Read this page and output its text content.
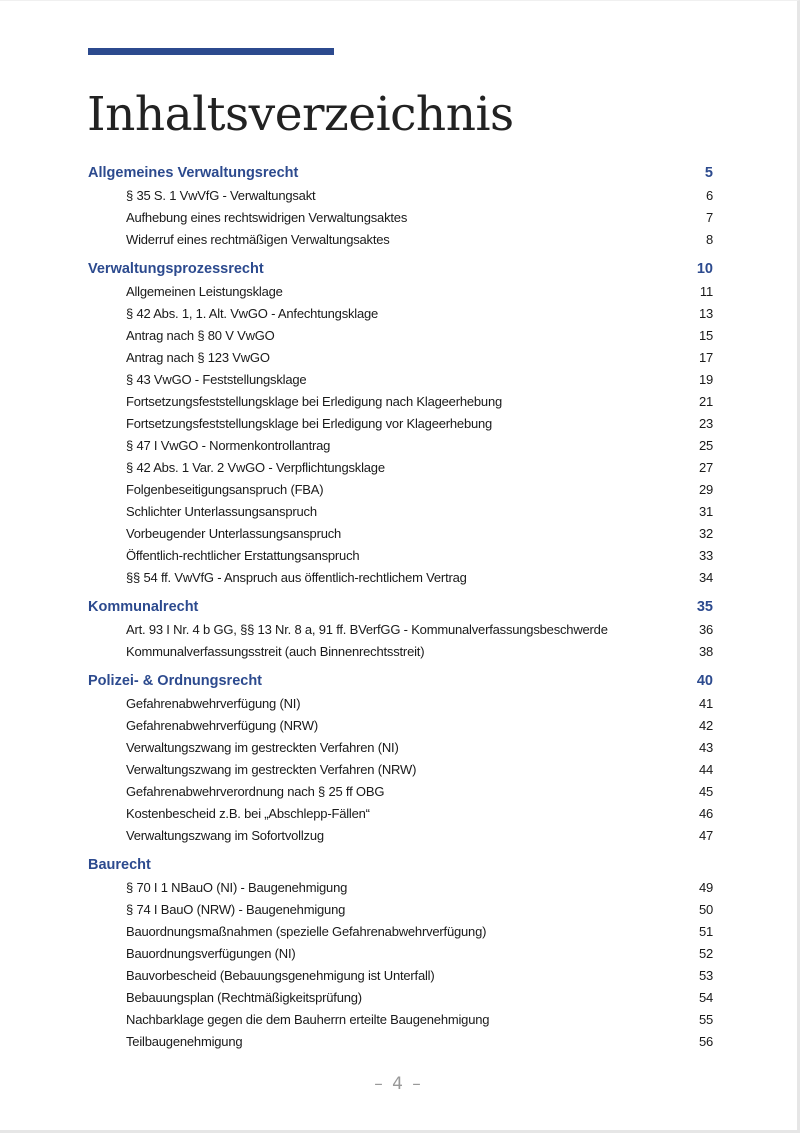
Inhaltsverzeichnis
Allgemeines Verwaltungsrecht	5
§ 35 S. 1 VwVfG - Verwaltungsakt	6
Aufhebung eines rechtswidrigen Verwaltungsaktes	7
Widerruf eines rechtmäßigen Verwaltungsaktes	8
Verwaltungsprozessrecht	10
Allgemeinen Leistungsklage	11
§ 42 Abs. 1, 1. Alt. VwGO - Anfechtungsklage	13
Antrag nach § 80 V VwGO	15
Antrag nach § 123 VwGO	17
§ 43 VwGO - Feststellungsklage	19
Fortsetzungsfeststellungsklage bei Erledigung nach Klageerhebung	21
Fortsetzungsfeststellungsklage bei Erledigung vor Klageerhebung	23
§ 47 I VwGO - Normenkontrollantrag	25
§ 42 Abs. 1 Var. 2 VwGO - Verpflichtungsklage	27
Folgenbeseitigungsanspruch (FBA)	29
Schlichter Unterlassungsanspruch	31
Vorbeugender Unterlassungsanspruch	32
Öffentlich-rechtlicher Erstattungsanspruch	33
§§ 54 ff. VwVfG - Anspruch aus öffentlich-rechtlichem Vertrag	34
Kommunalrecht	35
Art. 93 I Nr. 4 b GG, §§ 13 Nr. 8 a, 91 ff. BVerfGG - Kommunalverfassungsbeschwerde	36
Kommunalverfassungsstreit (auch Binnenrechtsstreit)	38
Polizei- & Ordnungsrecht	40
Gefahrenabwehrverfügung (NI)	41
Gefahrenabwehrverfügung (NRW)	42
Verwaltungszwang im gestreckten Verfahren (NI)	43
Verwaltungszwang im gestreckten Verfahren (NRW)	44
Gefahrenabwehrverordnung nach § 25 ff OBG	45
Kostenbescheid z.B. bei „Abschlepp-Fällen“	46
Verwaltungszwang im Sofortvollzug	47
Baurecht
§ 70 I 1 NBauO (NI) - Baugenehmigung	49
§ 74 I BauO (NRW) - Baugenehmigung	50
Bauordnungsmaßnahmen (spezielle Gefahrenabwehrverfügung)	51
Bauordnungsverfügungen (NI)	52
Bauvorbescheid (Bebauungsgenehmigung ist Unterfall)	53
Bebauungsplan (Rechtmäßigkeitsprüfung)	54
Nachbarklage gegen die dem Bauherrn erteilte Baugenehmigung	55
Teilbaugenehmigung	56
– 4 –
